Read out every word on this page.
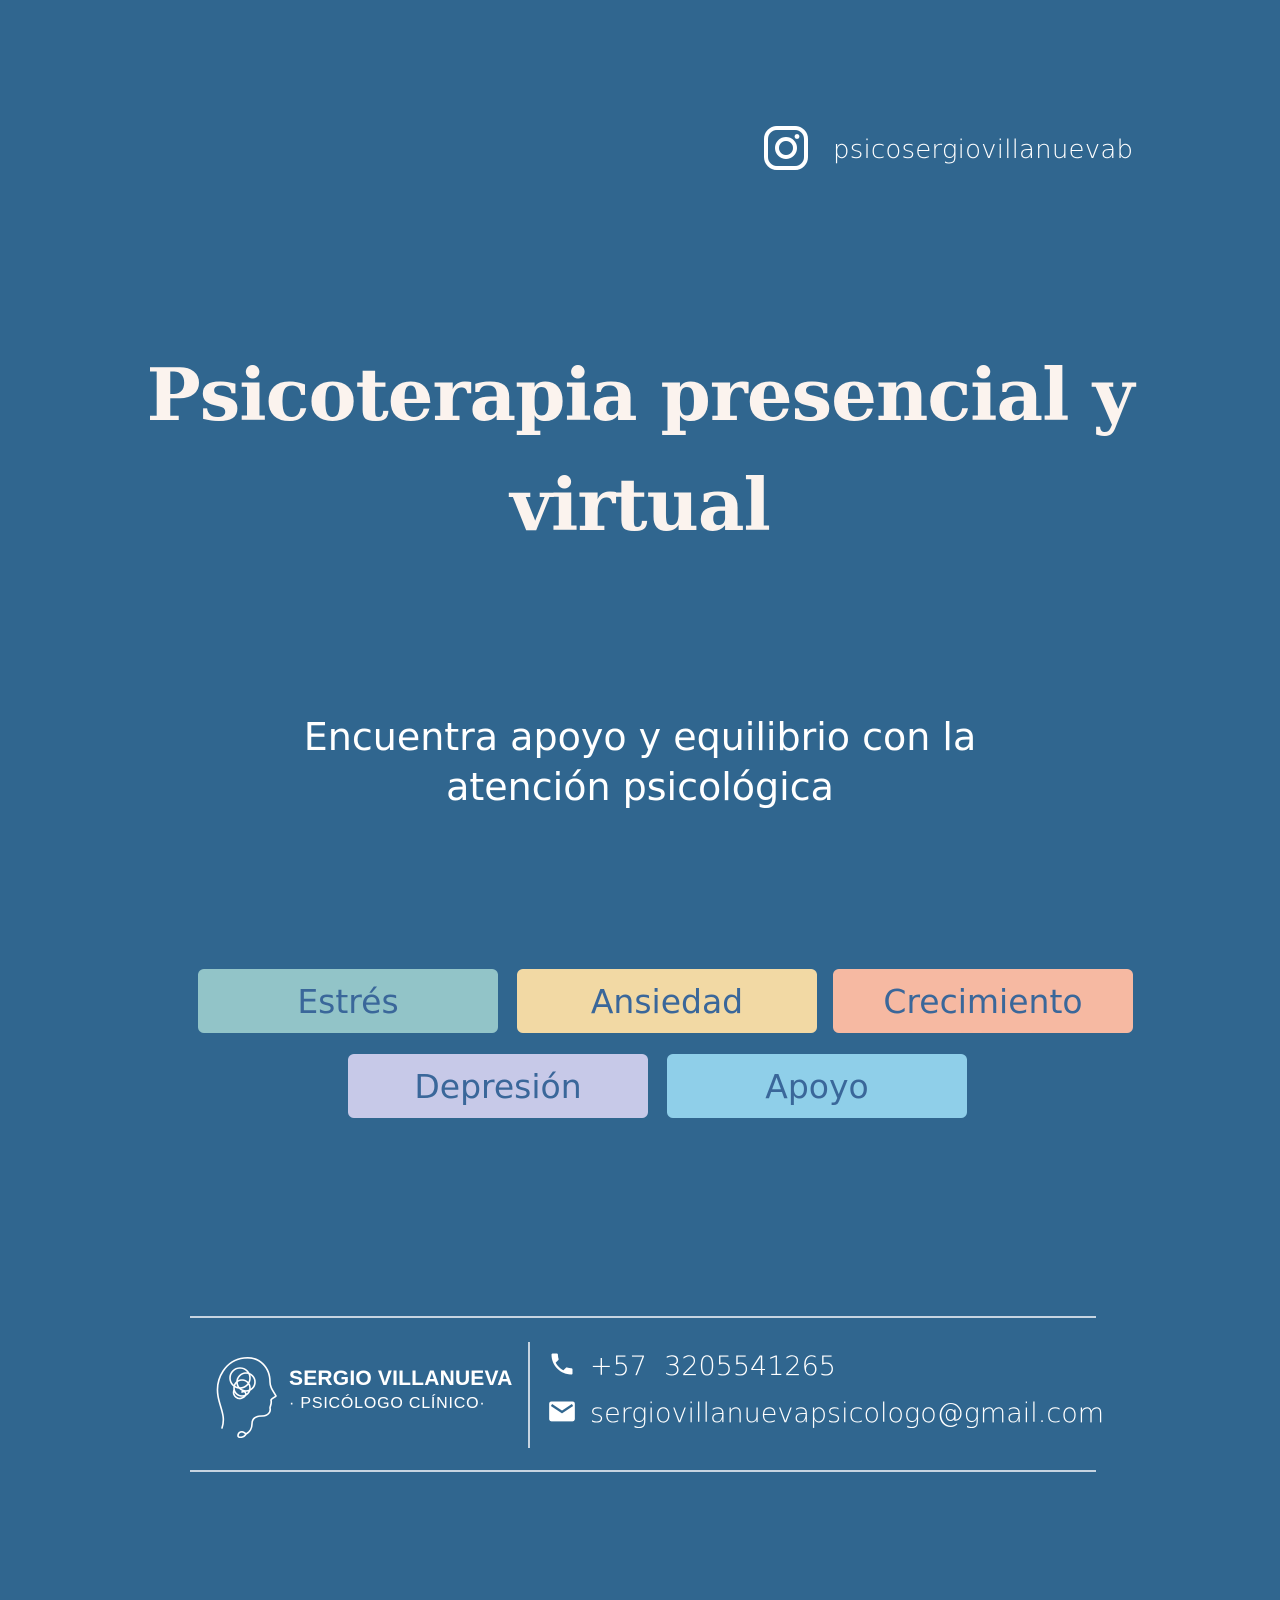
psicosergiovillanuevab
Psicoterapia presencial y
virtual
Encuentra apoyo y equilibrio con la
atención psicológica
Estrés	Ansiedad	Crecimiento
Depresión	Apoyo
SERGIO VILLANUEVA
· PSICÓLOGO CLÍNICO·
+57  3205541265
sergiovillanuevapsicologo@gmail.com
